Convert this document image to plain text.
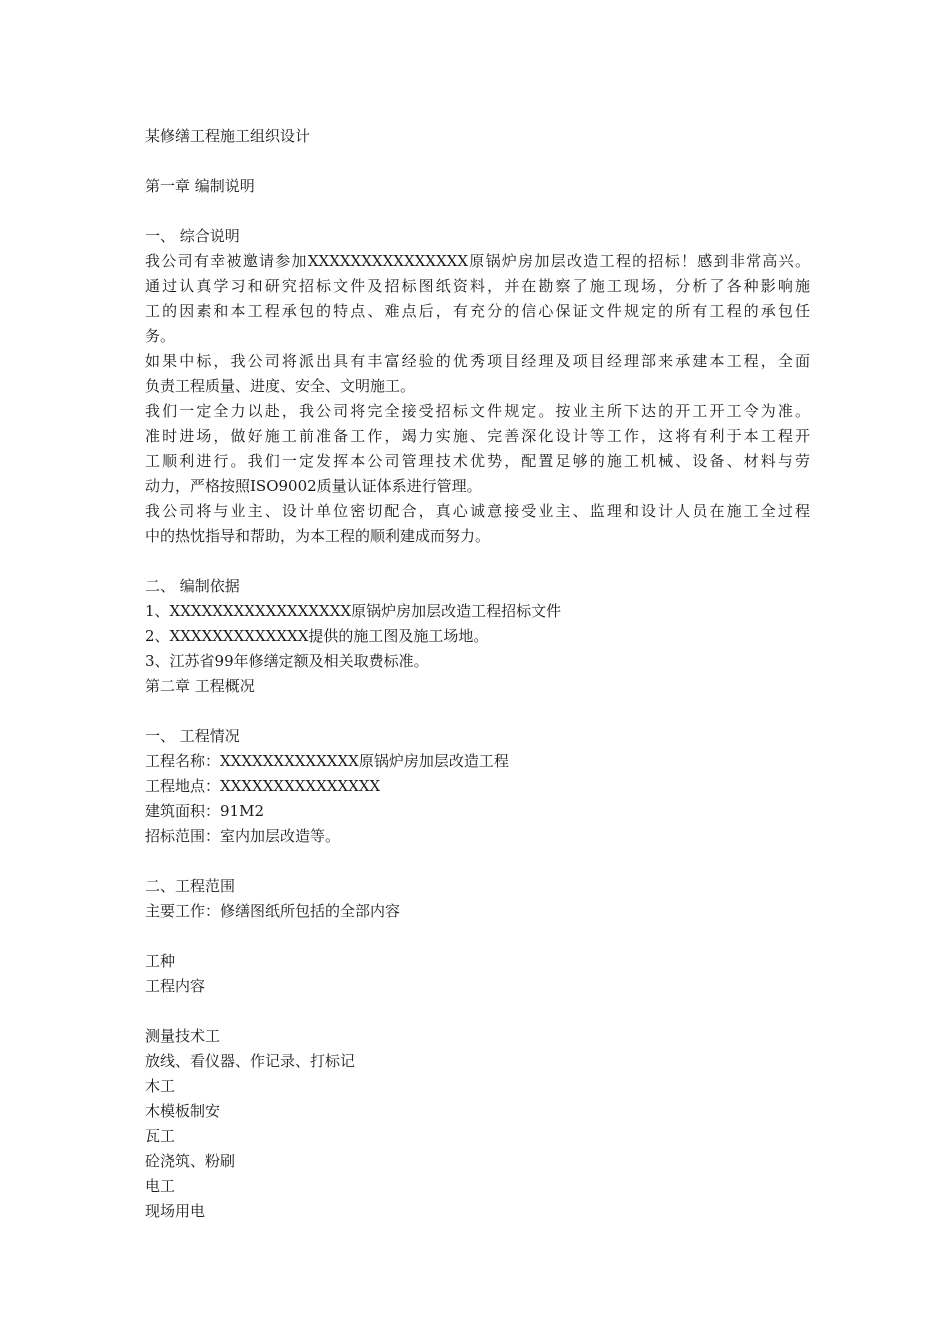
某修缮工程施工组织设计
第一章 编制说明
一、 综合说明
我公司有幸被邀请参加XXXXXXXXXXXXXXX原锅炉房加层改造工程的招标！感到非常高兴。
通过认真学习和研究招标文件及招标图纸资料，并在勘察了施工现场，分析了各种影响施
工的因素和本工程承包的特点、难点后，有充分的信心保证文件规定的所有工程的承包任
务。
如果中标，我公司将派出具有丰富经验的优秀项目经理及项目经理部来承建本工程，全面
负责工程质量、进度、安全、文明施工。
我们一定全力以赴，我公司将完全接受招标文件规定。按业主所下达的开工开工令为准。
准时进场，做好施工前准备工作，竭力实施、完善深化设计等工作，这将有利于本工程开
工顺利进行。我们一定发挥本公司管理技术优势，配置足够的施工机械、设备、材料与劳
动力，严格按照ISO9002质量认证体系进行管理。
我公司将与业主、设计单位密切配合，真心诚意接受业主、监理和设计人员在施工全过程
中的热忱指导和帮助，为本工程的顺利建成而努力。
二、 编制依据
1、XXXXXXXXXXXXXXXXX原锅炉房加层改造工程招标文件
2、XXXXXXXXXXXXX提供的施工图及施工场地。
3、江苏省99年修缮定额及相关取费标准。
第二章 工程概况
一、 工程情况
工程名称：XXXXXXXXXXXXX原锅炉房加层改造工程
工程地点：XXXXXXXXXXXXXXX
建筑面积：91M2
招标范围：室内加层改造等。
二、工程范围
主要工作：修缮图纸所包括的全部内容
工种
工程内容
测量技术工
放线、看仪器、作记录、打标记
木工
木模板制安
瓦工
砼浇筑、粉刷
电工
现场用电
